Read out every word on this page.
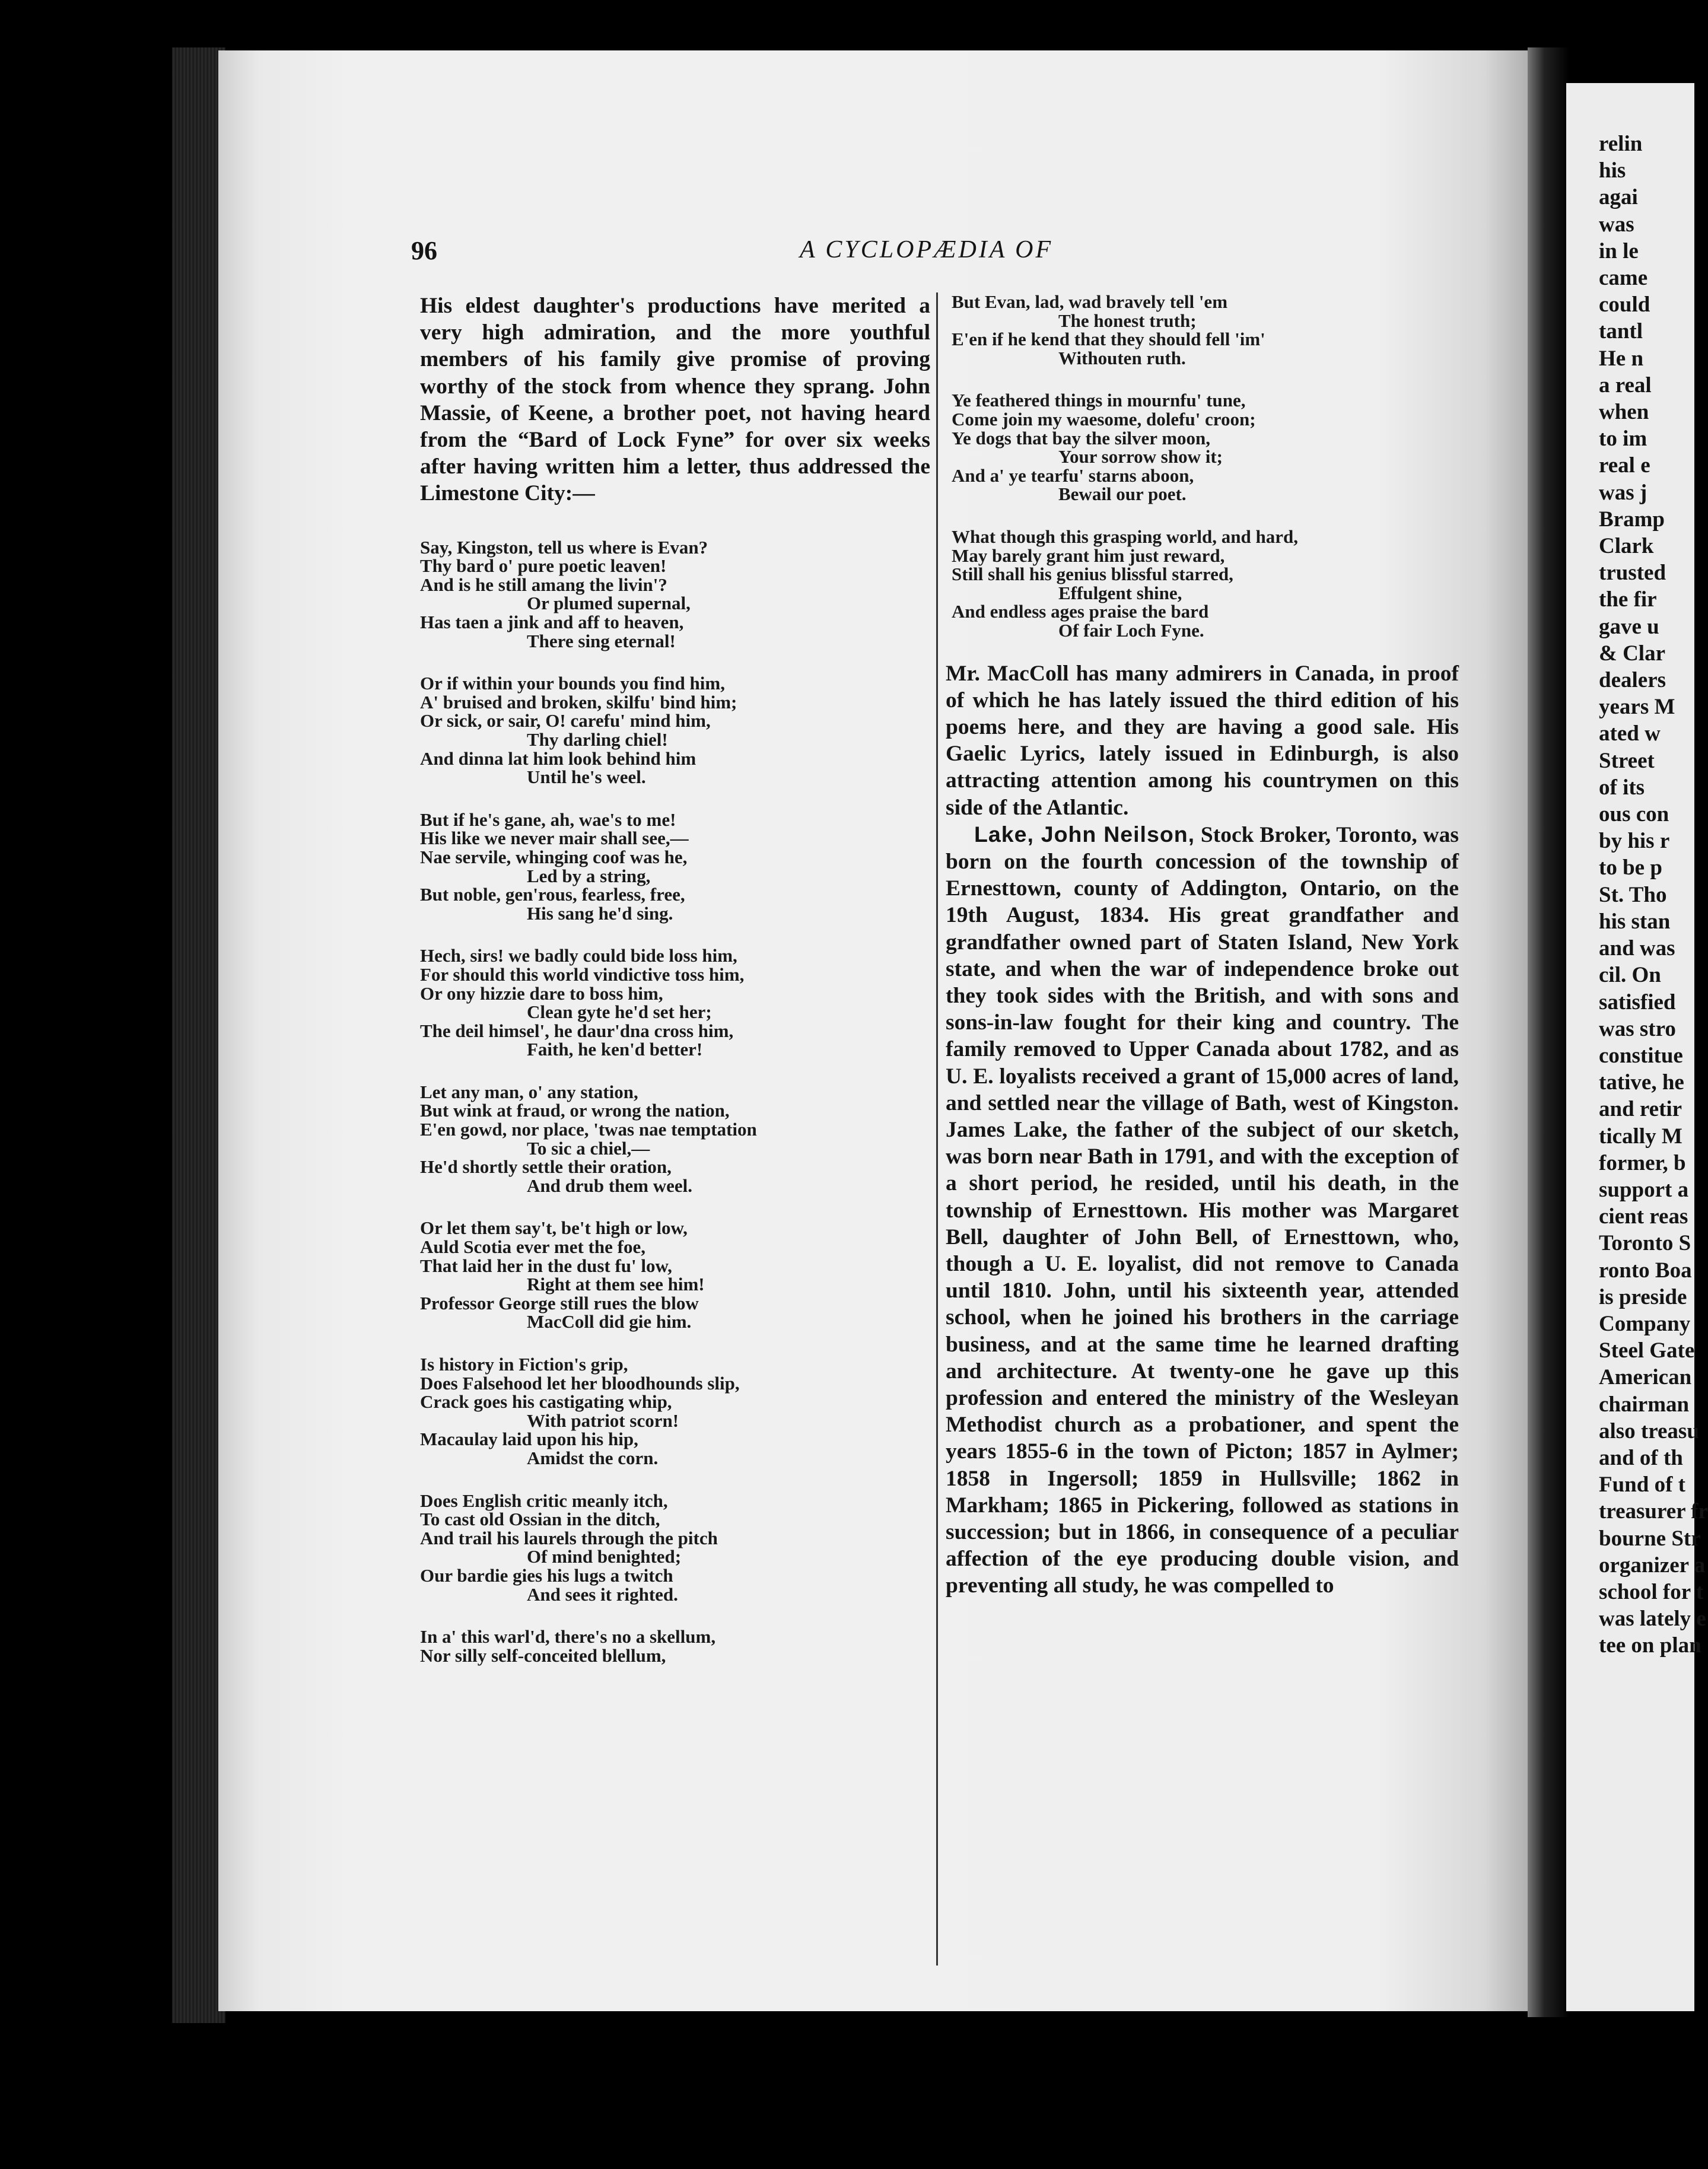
96	A CYCLOPÆDIA OF

His eldest daughter's productions have merited a very high admiration, and the more youthful members of his family give promise of proving worthy of the stock from whence they sprang. John Massie, of Keene, a brother poet, not having heard from the “Bard of Lock Fyne” for over six weeks after having written him a letter, thus addressed the Limestone City:—

Say, Kingston, tell us where is Evan?
Thy bard o' pure poetic leaven!
And is he still amang the livin'?
Or plumed supernal,
Has taen a jink and aff to heaven,
There sing eternal!
Or if within your bounds you find him,
A' bruised and broken, skilfu' bind him;
Or sick, or sair, O! carefu' mind him,
Thy darling chiel!
And dinna lat him look behind him
Until he's weel.
But if he's gane, ah, wae's to me!
His like we never mair shall see,—
Nae servile, whinging coof was he,
Led by a string,
But noble, gen'rous, fearless, free,
His sang he'd sing.
Hech, sirs! we badly could bide loss him,
For should this world vindictive toss him,
Or ony hizzie dare to boss him,
Clean gyte he'd set her;
The deil himsel', he daur'dna cross him,
Faith, he ken'd better!
Let any man, o' any station,
But wink at fraud, or wrong the nation,
E'en gowd, nor place, 'twas nae temptation
To sic a chiel,—
He'd shortly settle their oration,
And drub them weel.
Or let them say't, be't high or low,
Auld Scotia ever met the foe,
That laid her in the dust fu' low,
Right at them see him!
Professor George still rues the blow
MacColl did gie him.
Is history in Fiction's grip,
Does Falsehood let her bloodhounds slip,
Crack goes his castigating whip,
With patriot scorn!
Macaulay laid upon his hip,
Amidst the corn.
Does English critic meanly itch,
To cast old Ossian in the ditch,
And trail his laurels through the pitch
Of mind benighted;
Our bardie gies his lugs a twitch
And sees it righted.
In a' this warl'd, there's no a skellum,
Nor silly self-conceited blellum,
But Evan, lad, wad bravely tell 'em
The honest truth;
E'en if he kend that they should fell 'im'
Withouten ruth.
Ye feathered things in mournfu' tune,
Come join my waesome, dolefu' croon;
Ye dogs that bay the silver moon,
Your sorrow show it;
And a' ye tearfu' starns aboon,
Bewail our poet.
What though this grasping world, and hard,
May barely grant him just reward,
Still shall his genius blissful starred,
Effulgent shine,
And endless ages praise the bard
Of fair Loch Fyne.

Mr. MacColl has many admirers in Canada, in proof of which he has lately issued the third edition of his poems here, and they are having a good sale. His Gaelic Lyrics, lately issued in Edinburgh, is also attracting attention among his countrymen on this side of the Atlantic.

Lake, John Neilson, Stock Broker, Toronto, was born on the fourth concession of the township of Ernesttown, county of Addington, Ontario, on the 19th August, 1834. His great grandfather and grandfather owned part of Staten Island, New York state, and when the war of independence broke out they took sides with the British, and with sons and sons-in-law fought for their king and country. The family removed to Upper Canada about 1782, and as U. E. loyalists received a grant of 15,000 acres of land, and settled near the village of Bath, west of Kingston. James Lake, the father of the subject of our sketch, was born near Bath in 1791, and with the exception of a short period, he resided, until his death, in the township of Ernesttown. His mother was Margaret Bell, daughter of John Bell, of Ernesttown, who, though a U. E. loyalist, did not remove to Canada until 1810. John, until his sixteenth year, attended school, when he joined his brothers in the carriage business, and at the same time he learned drafting and architecture. At twenty-one he gave up this profession and entered the ministry of the Wesleyan Methodist church as a probationer, and spent the years 1855-6 in the town of Picton; 1857 in Aylmer; 1858 in Ingersoll; 1859 in Hullsville; 1862 in Markham; 1865 in Pickering, followed as stations in succession; but in 1866, in consequence of a peculiar affection of the eye producing double vision, and preventing all study, he was compelled to

relin
his
agai
was
in le
came
could
tantl
He n
a real
when
to im
real e
was j
Bramp
Clark
trusted
the fir
gave u
& Clar
dealers
years M
ated w
Street
of its
ous con
by his r
to be p
St. Tho
his stan
and was
cil. On
satisfied
was stro
constitue
tative, he
and retir
tically M
former, b
support a
cient reas
Toronto S
ronto Boa
is preside
Company
Steel Gate
American
chairman
also treasu
and of th
Fund of t
treasurer fr
bourne Str
organizer a
school for t
was lately e
tee on plan
